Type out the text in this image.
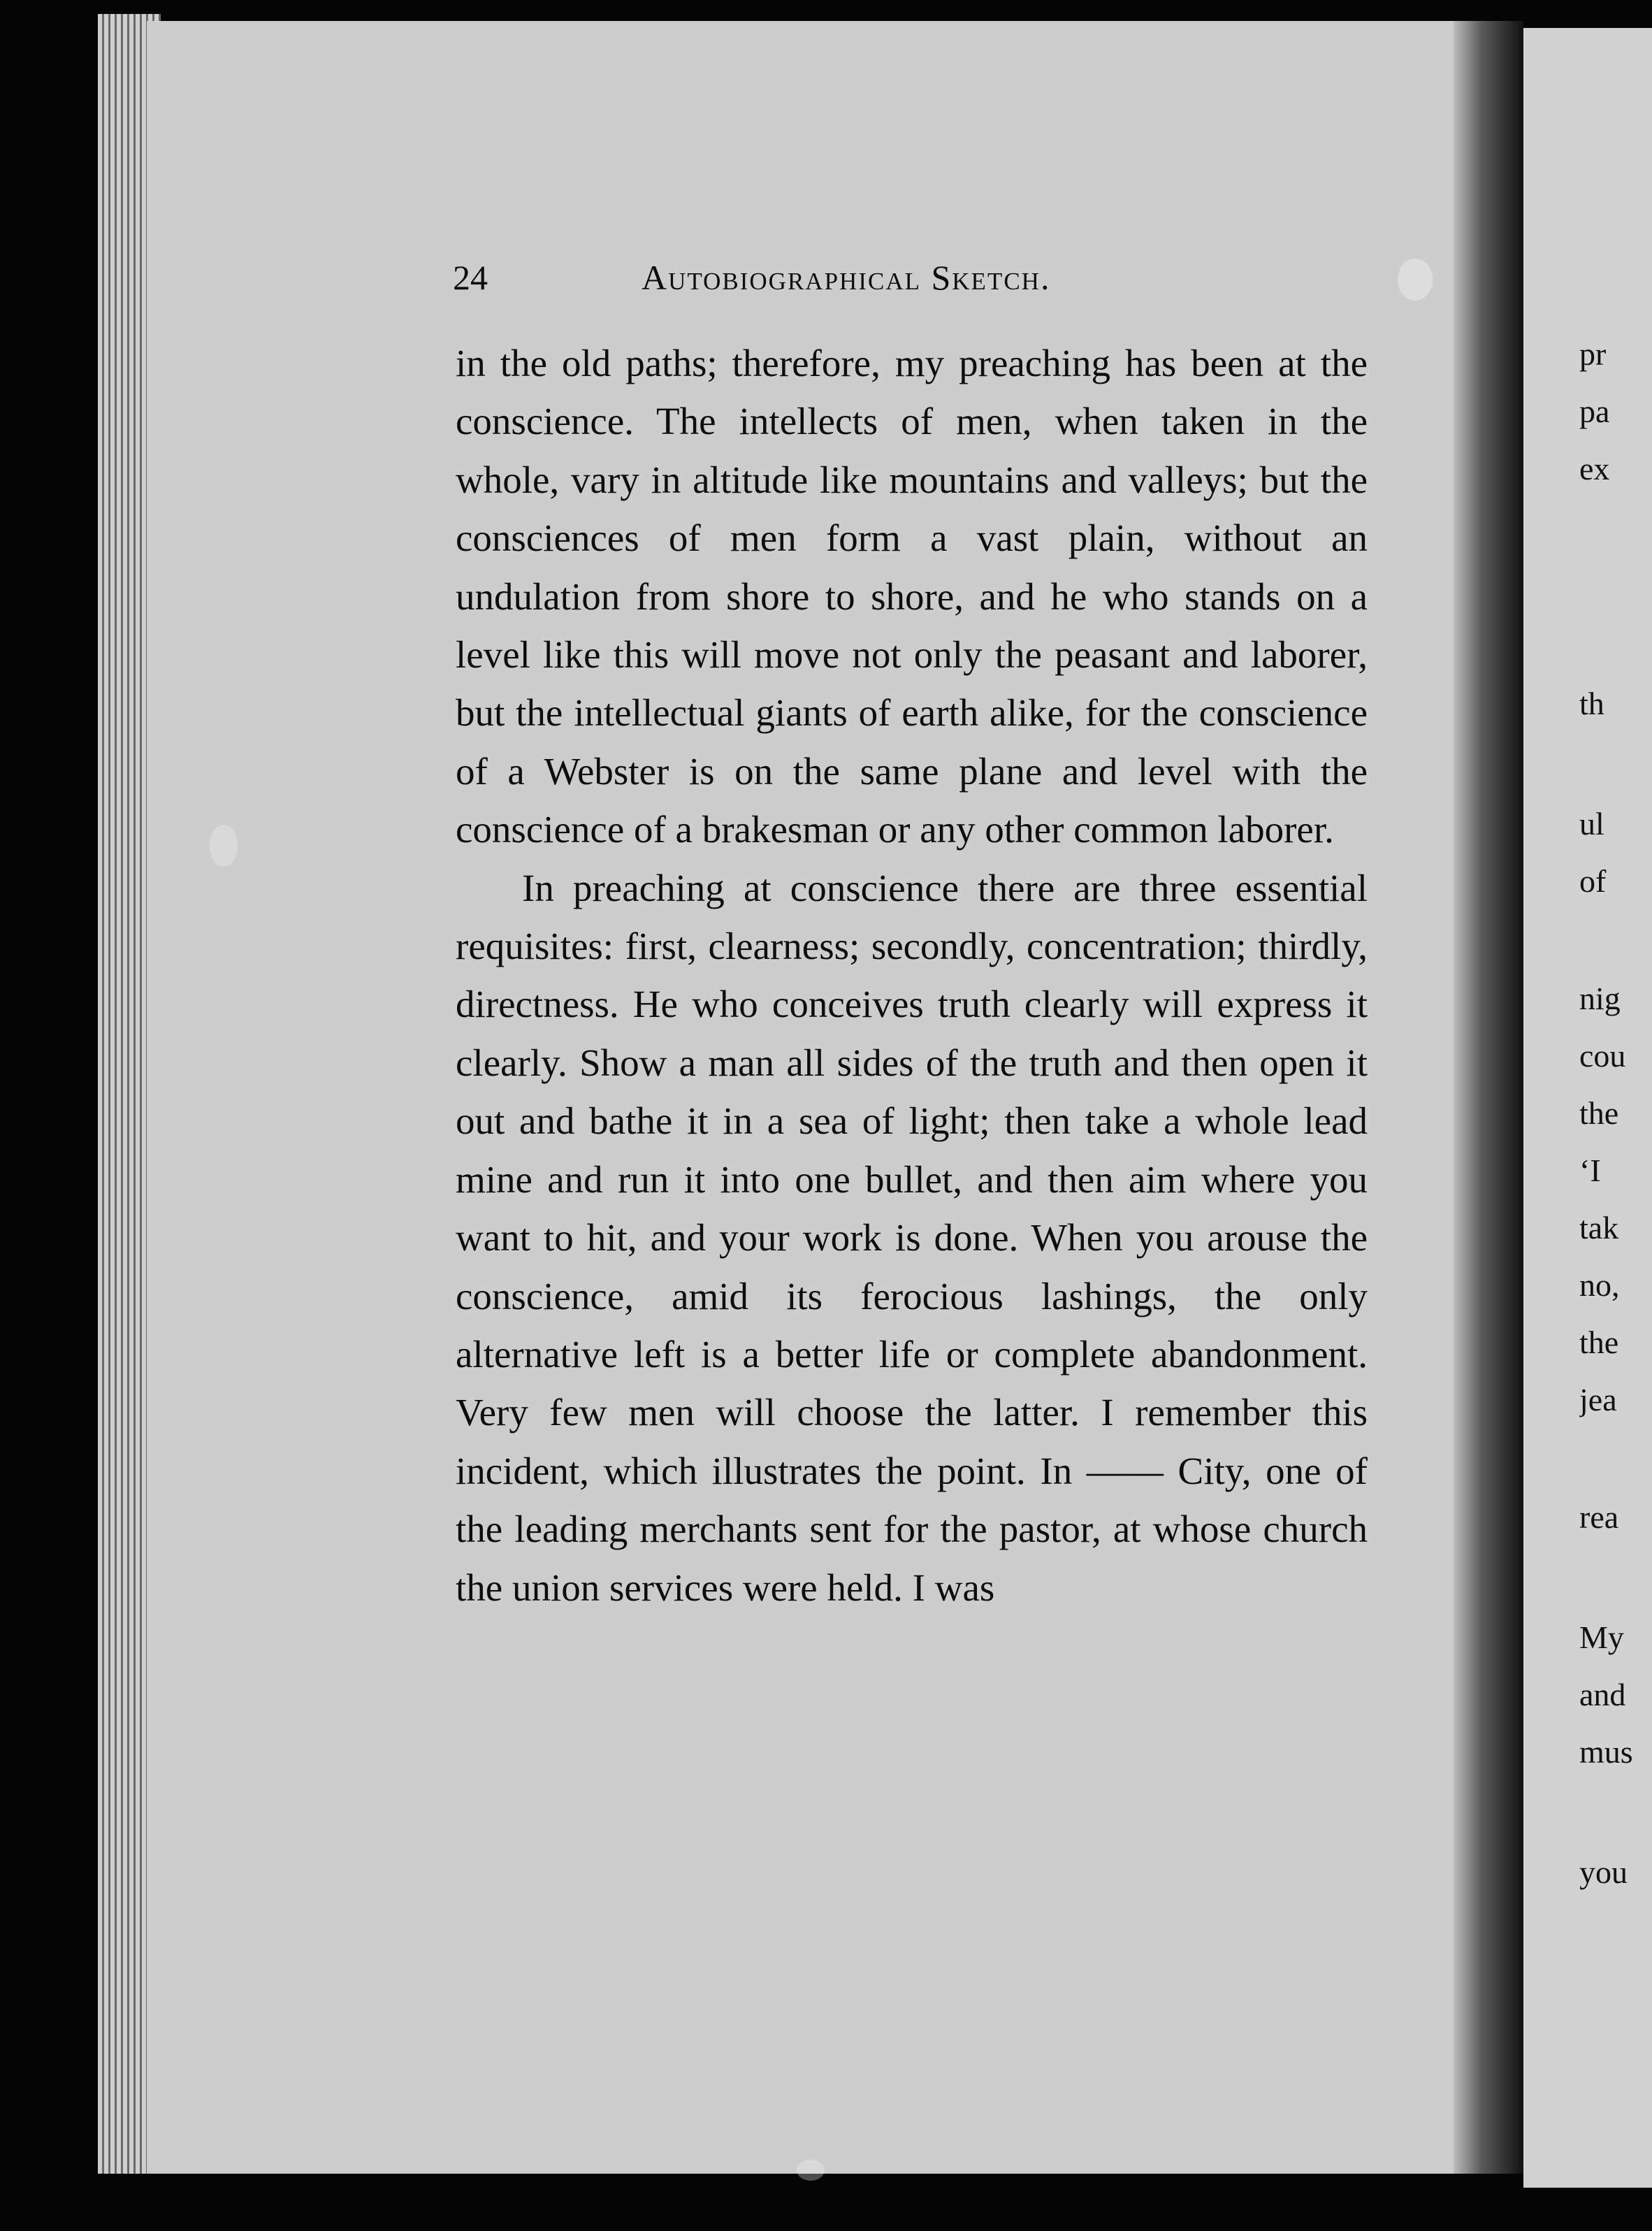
pr
pa
ex
th
ul
of
nig
cou
the
‘I
tak
no,
the
jea
rea
My
and
mus
you
24	Autobiographical Sketch.

in the old paths; therefore, my preaching has been at the conscience. The intellects of men, when taken in the whole, vary in altitude like mountains and valleys; but the consciences of men form a vast plain, without an undulation from shore to shore, and he who stands on a level like this will move not only the peasant and laborer, but the intellectual giants of earth alike, for the conscience of a Webster is on the same plane and level with the conscience of a brakesman or any other common laborer.

In preaching at conscience there are three essential requisites: first, clearness; secondly, concentration; thirdly, directness. He who conceives truth clearly will express it clearly. Show a man all sides of the truth and then open it out and bathe it in a sea of light; then take a whole lead mine and run it into one bullet, and then aim where you want to hit, and your work is done. When you arouse the conscience, amid its ferocious lashings, the only alternative left is a better life or complete abandonment. Very few men will choose the latter. I remember this incident, which illustrates the point. In —— City, one of the leading merchants sent for the pastor, at whose church the union services were held. I was
